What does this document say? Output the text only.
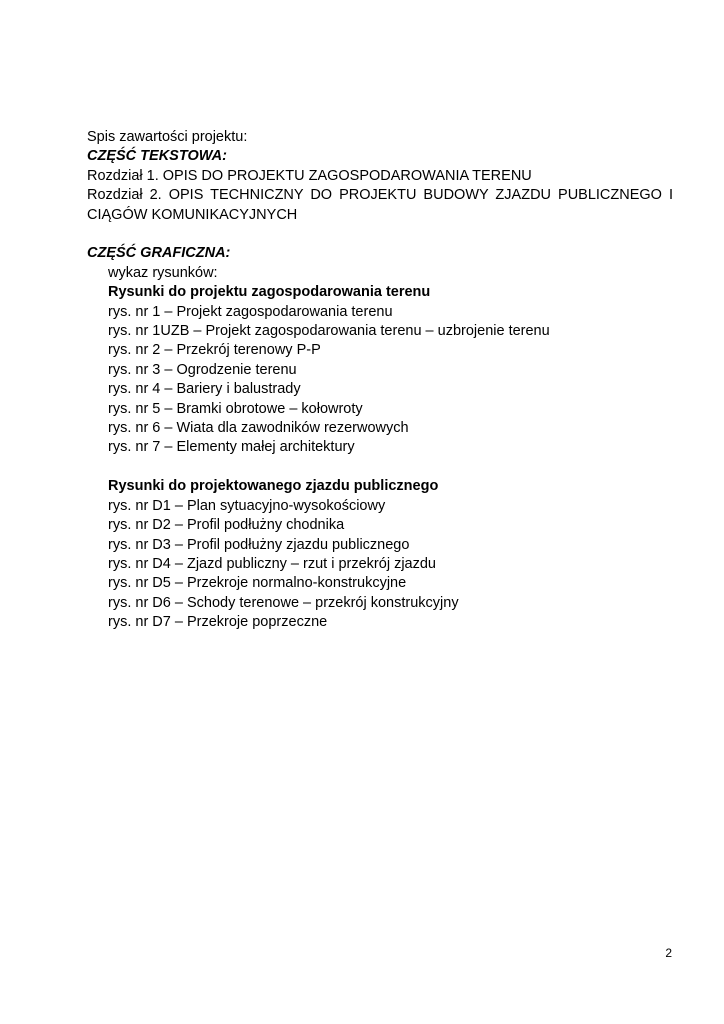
Spis zawartości projektu:
CZĘŚĆ TEKSTOWA:
Rozdział 1. OPIS DO PROJEKTU ZAGOSPODAROWANIA TERENU
Rozdział 2. OPIS TECHNICZNY DO PROJEKTU BUDOWY ZJAZDU PUBLICZNEGO I
CIĄGÓW KOMUNIKACYJNYCH
CZĘŚĆ GRAFICZNA:
wykaz rysunków:
Rysunki do projektu zagospodarowania terenu
rys. nr 1 – Projekt zagospodarowania terenu
rys. nr 1UZB – Projekt zagospodarowania terenu – uzbrojenie terenu
rys. nr 2 – Przekrój terenowy P-P
rys. nr 3 – Ogrodzenie terenu
rys. nr 4 – Bariery i balustrady
rys. nr 5 – Bramki obrotowe – kołowroty
rys. nr 6 – Wiata dla zawodników rezerwowych
rys. nr 7 – Elementy małej architektury
Rysunki do projektowanego zjazdu publicznego
rys. nr D1 – Plan sytuacyjno-wysokościowy
rys. nr D2 – Profil podłużny chodnika
rys. nr D3 – Profil podłużny zjazdu publicznego
rys. nr D4 – Zjazd publiczny – rzut i przekrój zjazdu
rys. nr D5 – Przekroje normalno-konstrukcyjne
rys. nr D6 – Schody terenowe – przekrój konstrukcyjny
rys. nr D7 – Przekroje poprzeczne
2
